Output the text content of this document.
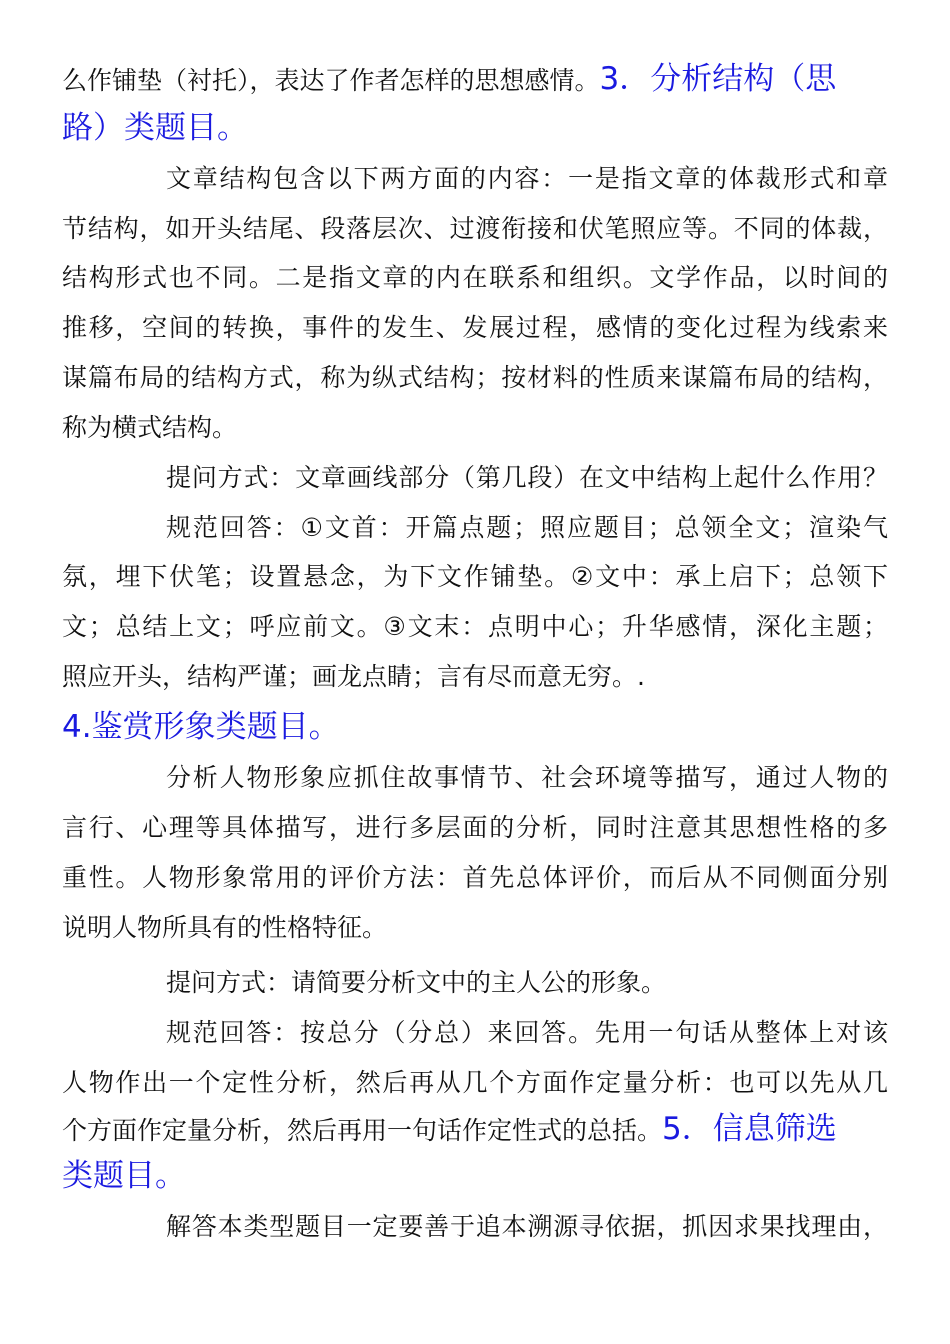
么作铺垫（衬托），表达了作者怎样的思想感情。3．分析结构（思
路）类题目。
文章结构包含以下两方面的内容：一是指文章的体裁形式和章
节结构，如开头结尾、段落层次、过渡衔接和伏笔照应等。不同的体裁，
结构形式也不同。二是指文章的内在联系和组织。文学作品，以时间的
推移，空间的转换，事件的发生、发展过程，感情的变化过程为线索来
谋篇布局的结构方式，称为纵式结构；按材料的性质来谋篇布局的结构，
称为横式结构。
提问方式：文章画线部分（第几段）在文中结构上起什么作用？
规范回答：①文首：开篇点题；照应题目；总领全文；渲染气
氛，埋下伏笔；设置悬念，为下文作铺垫。②文中：承上启下；总领下
文；总结上文；呼应前文。③文末：点明中心；升华感情，深化主题；
照应开头，结构严谨；画龙点睛；言有尽而意无穷。.
4.鉴赏形象类题目。
分析人物形象应抓住故事情节、社会环境等描写，通过人物的
言行、心理等具体描写，进行多层面的分析，同时注意其思想性格的多
重性。人物形象常用的评价方法：首先总体评价，而后从不同侧面分别
说明人物所具有的性格特征。
提问方式：请简要分析文中的主人公的形象。
规范回答：按总分（分总）来回答。先用一句话从整体上对该
人物作出一个定性分析，然后再从几个方面作定量分析：也可以先从几
个方面作定量分析，然后再用一句话作定性式的总括。5．信息筛选
类题目。
解答本类型题目一定要善于追本溯源寻依据，抓因求果找理由，
